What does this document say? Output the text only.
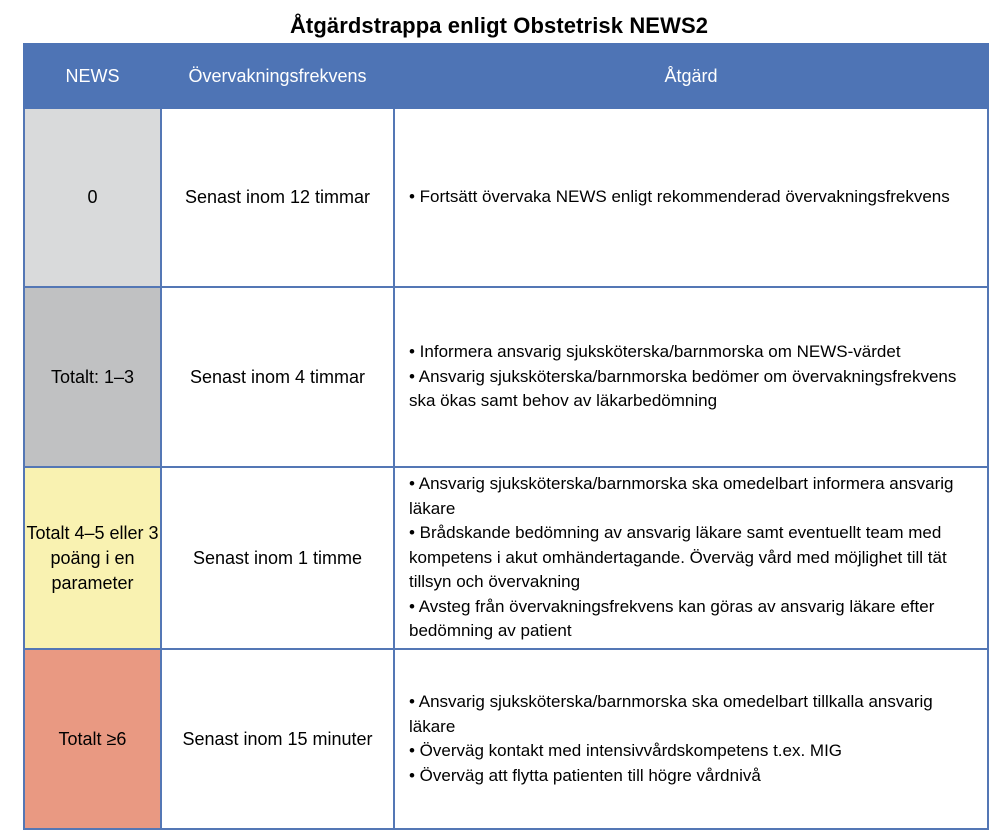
Åtgärdstrappa enligt Obstetrisk NEWS2
NEWS	Övervakningsfrekvens	Åtgärd
0	Senast inom 12 timmar	• Fortsätt övervaka NEWS enligt rekommenderad övervakningsfrekvens

Totalt: 1–3	Senast inom 4 timmar	• Informera ansvarig sjuksköterska/barnmorska om NEWS-värdet
• Ansvarig sjuksköterska/barnmorska bedömer om övervakningsfrekvens ska ökas samt behov av läkarbedömning

Totalt 4–5 eller 3 poäng i en parameter	Senast inom 1 timme	• Ansvarig sjuksköterska/barnmorska ska omedelbart informera ansvarig läkare
• Brådskande bedömning av ansvarig läkare samt eventuellt team med kompetens i akut omhändertagande. Överväg vård med möjlighet till tät tillsyn och övervakning
• Avsteg från övervakningsfrekvens kan göras av ansvarig läkare efter bedömning av patient

Totalt ≥6	Senast inom 15 minuter	• Ansvarig sjuksköterska/barnmorska ska omedelbart tillkalla ansvarig läkare
• Överväg kontakt med intensivvårdskompetens t.ex. MIG
• Överväg att flytta patienten till högre vårdnivå
